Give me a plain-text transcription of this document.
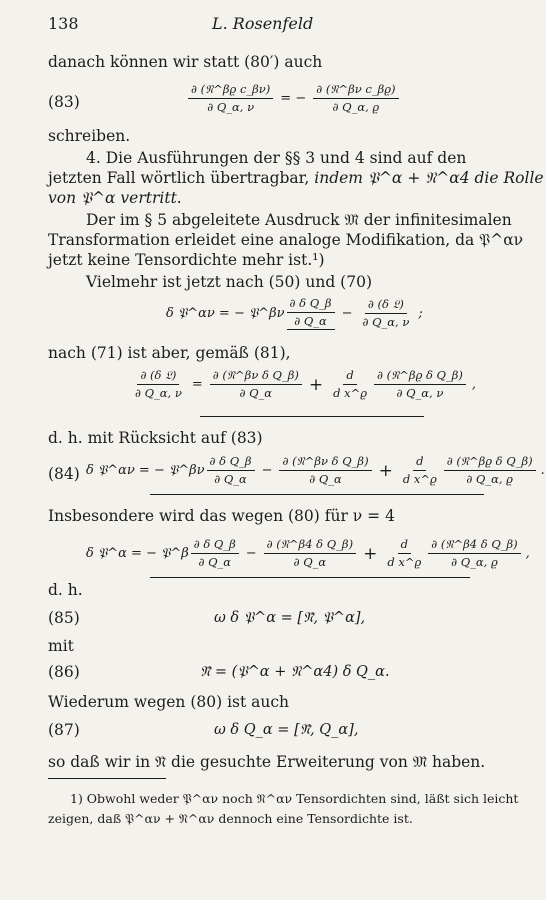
138	L. Rosenfeld
danach können wir statt (80′) auch
(83)	$\frac{\text{∂ (𝔑\textasciicircum{}βϱ c\_βν)}}{\partial Q\_\alpha, \nu}$ = − $\frac{\text{∂ (𝔑\textasciicircum{}βν c\_βϱ)}}{\partial Q\_\alpha, ϱ}$
schreiben.
4. Die Ausführungen der §§ 3 und 4 sind auf den
jetzten Fall wörtlich übertragbar, indem 𝔓^α + 𝔑^α4 die Rolle
von 𝔓^α vertritt.
Der im § 5 abgeleitete Ausdruck 𝔐̄ der infinitesimalen
Transformation erleidet eine analoge Modifikation, da 𝔓^αν
jetzt keine Tensordichte mehr ist.¹)
Vielmehr ist jetzt nach (50) und (70)
δ 𝔓^αν = − 𝔓^βν $\frac{\text{∂ δ Q\_β}}{\partial Q\_\alpha} - \frac{\text{∂ (δ 𝔏)}}{\partial Q\_\alpha, \nu}$ ;
nach (71) ist aber, gemäß (81),
$\frac{\text{∂ (δ 𝔏)}}{\partial Q\_\alpha, \nu} = \frac{\text{∂ (𝔑\textasciicircum{}βν δ Q\_β)}}{\partial Q\_\alpha} + \frac{d}{\text{d x\textasciicircum{}ϱ}} \frac{\text{∂ (𝔑\textasciicircum{}βϱ δ Q\_β)}}{\partial Q\_\alpha, \nu}$ ,
d. h. mit Rücksicht auf (83)
(84) δ 𝔓^αν = − 𝔓^βν $\frac{\text{∂ δ Q\_β}}{\partial Q\_\alpha} - \frac{\text{∂ (𝔑\textasciicircum{}βν δ Q\_β)}}{\partial Q\_\alpha} + \frac{d}{\text{d x\textasciicircum{}ϱ}} \frac{\text{∂ (𝔑\textasciicircum{}βϱ δ Q\_β)}}{\partial Q\_\alpha, ϱ}$ .
Insbesondere wird das wegen (80) für ν = 4
δ 𝔓^α = − 𝔓^β $\frac{\text{∂ δ Q\_β}}{\partial Q\_\alpha} - \frac{\text{∂ (𝔑\textasciicircum{}β4 δ Q\_β)}}{\partial Q\_\alpha} + \frac{d}{\text{d x\textasciicircum{}ϱ}} \frac{\text{∂ (𝔑\textasciicircum{}β4 δ Q\_β)}}{\partial Q\_\alpha, ϱ}$ ,
d. h.
(85)	ω δ 𝔓^α = [𝔑̄, 𝔓^α],
mit
(86)	𝔑̄ = (𝔓^α + 𝔑^α4) δ Q_α.
Wiederum wegen (80) ist auch
(87)	ω δ Q_α = [𝔑̄, Q_α],
so daß wir in 𝔑̄ die gesuchte Erweiterung von 𝔐̄ haben.
1) Obwohl weder 𝔓^αν noch 𝔑^αν Tensordichten sind, läßt sich leicht
zeigen, daß 𝔓^αν + 𝔑^αν dennoch eine Tensordichte ist.
